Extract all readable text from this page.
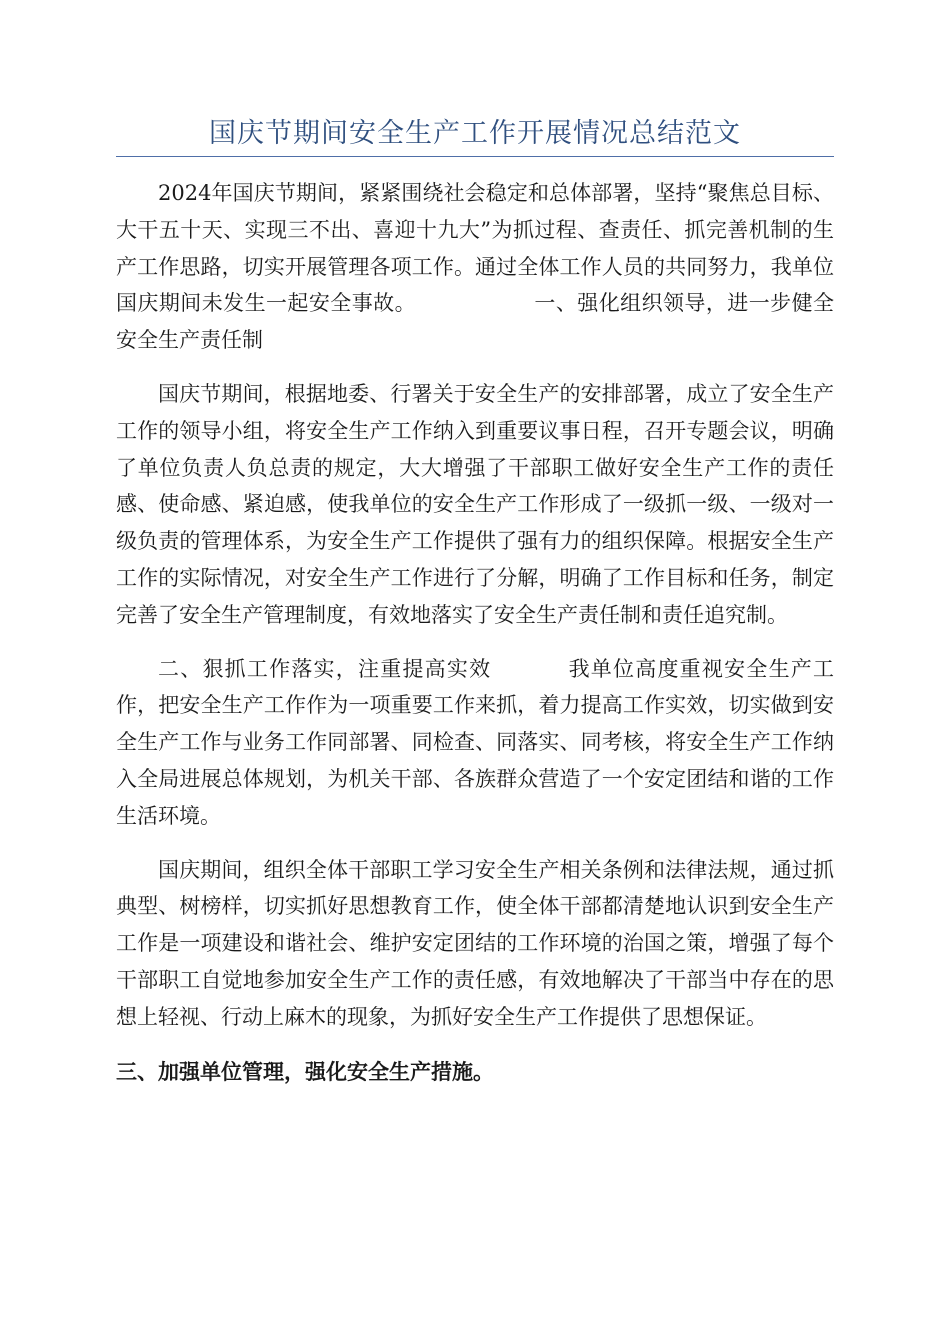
国庆节期间安全生产工作开展情况总结范文

2024年国庆节期间，紧紧围绕社会稳定和总体部署，坚持“聚焦总目标、大干五十天、实现三不出、喜迎十九大”为抓过程、查责任、抓完善机制的生产工作思路，切实开展管理各项工作。通过全体工作人员的共同努力，我单位国庆期间未发生一起安全事故。	一、强化组织领导，进一步健全安全生产责任制

国庆节期间，根据地委、行署关于安全生产的安排部署，成立了安全生产工作的领导小组，将安全生产工作纳入到重要议事日程，召开专题会议，明确了单位负责人负总责的规定，大大增强了干部职工做好安全生产工作的责任感、使命感、紧迫感，使我单位的安全生产工作形成了一级抓一级、一级对一级负责的管理体系，为安全生产工作提供了强有力的组织保障。根据安全生产工作的实际情况，对安全生产工作进行了分解，明确了工作目标和任务，制定完善了安全生产管理制度，有效地落实了安全生产责任制和责任追究制。

二、狠抓工作落实，注重提高实效	我单位高度重视安全生产工作，把安全生产工作作为一项重要工作来抓，着力提高工作实效，切实做到安全生产工作与业务工作同部署、同检查、同落实、同考核，将安全生产工作纳入全局进展总体规划，为机关干部、各族群众营造了一个安定团结和谐的工作生活环境。

国庆期间，组织全体干部职工学习安全生产相关条例和法律法规，通过抓典型、树榜样，切实抓好思想教育工作，使全体干部都清楚地认识到安全生产工作是一项建设和谐社会、维护安定团结的工作环境的治国之策，增强了每个干部职工自觉地参加安全生产工作的责任感，有效地解决了干部当中存在的思想上轻视、行动上麻木的现象，为抓好安全生产工作提供了思想保证。

三、加强单位管理，强化安全生产措施。
